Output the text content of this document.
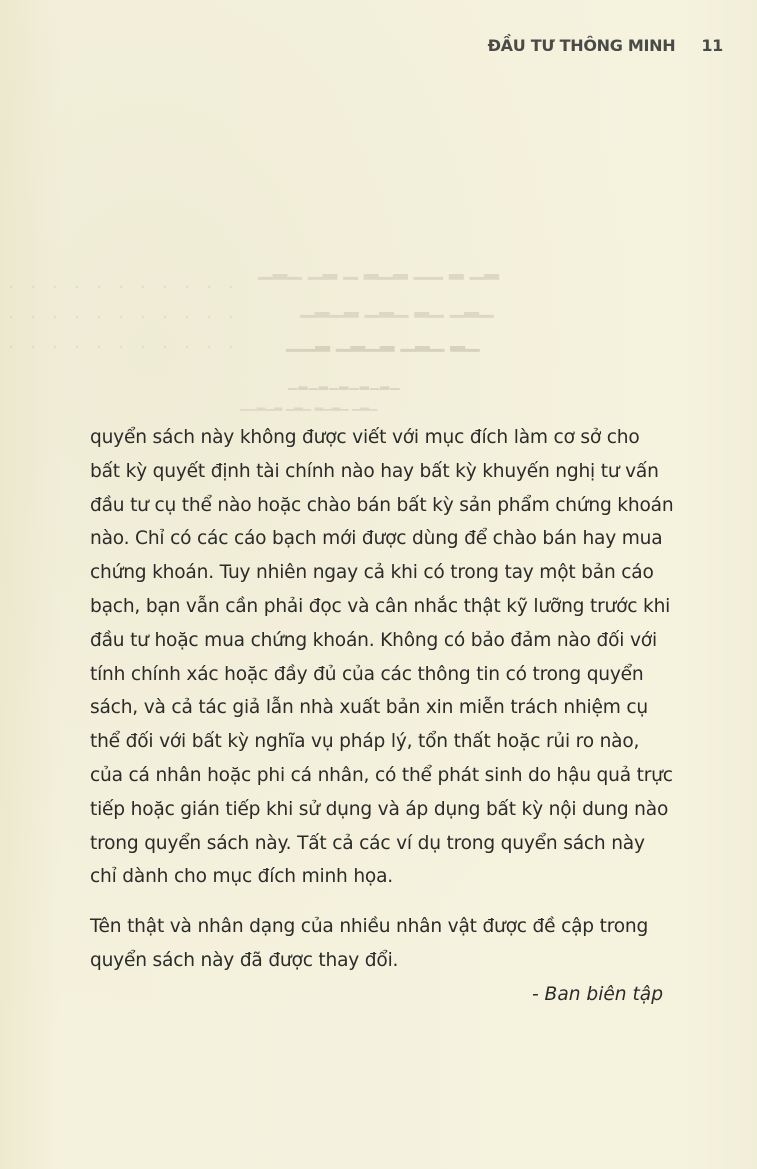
ĐẦU TƯ THÔNG MINH 11
▁▂▁ ▁▂ ▁ ▂▁▂ ▁▁ ▂ ▁▂
▁▂▁▂ ▁▂▁ ▂▁ ▁▂▁
▁▁▂ ▁▂▁▂ ▁▂▁ ▂▁
▁▂▁▂▁▂▁▂▁▂▁
▁▁▂▁▂ ▁▂▁ ▂▁▂▁ ▁▂▁

quyển sách này không được viết với mục đích làm cơ sở cho
bất kỳ quyết định tài chính nào hay bất kỳ khuyến nghị tư vấn
đầu tư cụ thể nào hoặc chào bán bất kỳ sản phẩm chứng khoán
nào. Chỉ có các cáo bạch mới được dùng để chào bán hay mua
chứng khoán. Tuy nhiên ngay cả khi có trong tay một bản cáo
bạch, bạn vẫn cần phải đọc và cân nhắc thật kỹ lưỡng trước khi
đầu tư hoặc mua chứng khoán. Không có bảo đảm nào đối với
tính chính xác hoặc đầy đủ của các thông tin có trong quyển
sách, và cả tác giả lẫn nhà xuất bản xin miễn trách nhiệm cụ
thể đối với bất kỳ nghĩa vụ pháp lý, tổn thất hoặc rủi ro nào,
của cá nhân hoặc phi cá nhân, có thể phát sinh do hậu quả trực
tiếp hoặc gián tiếp khi sử dụng và áp dụng bất kỳ nội dung nào
trong quyển sách này. Tất cả các ví dụ trong quyển sách này
chỉ dành cho mục đích minh họa.

Tên thật và nhân dạng của nhiều nhân vật được đề cập trong
quyển sách này đã được thay đổi.

- Ban biên tập
